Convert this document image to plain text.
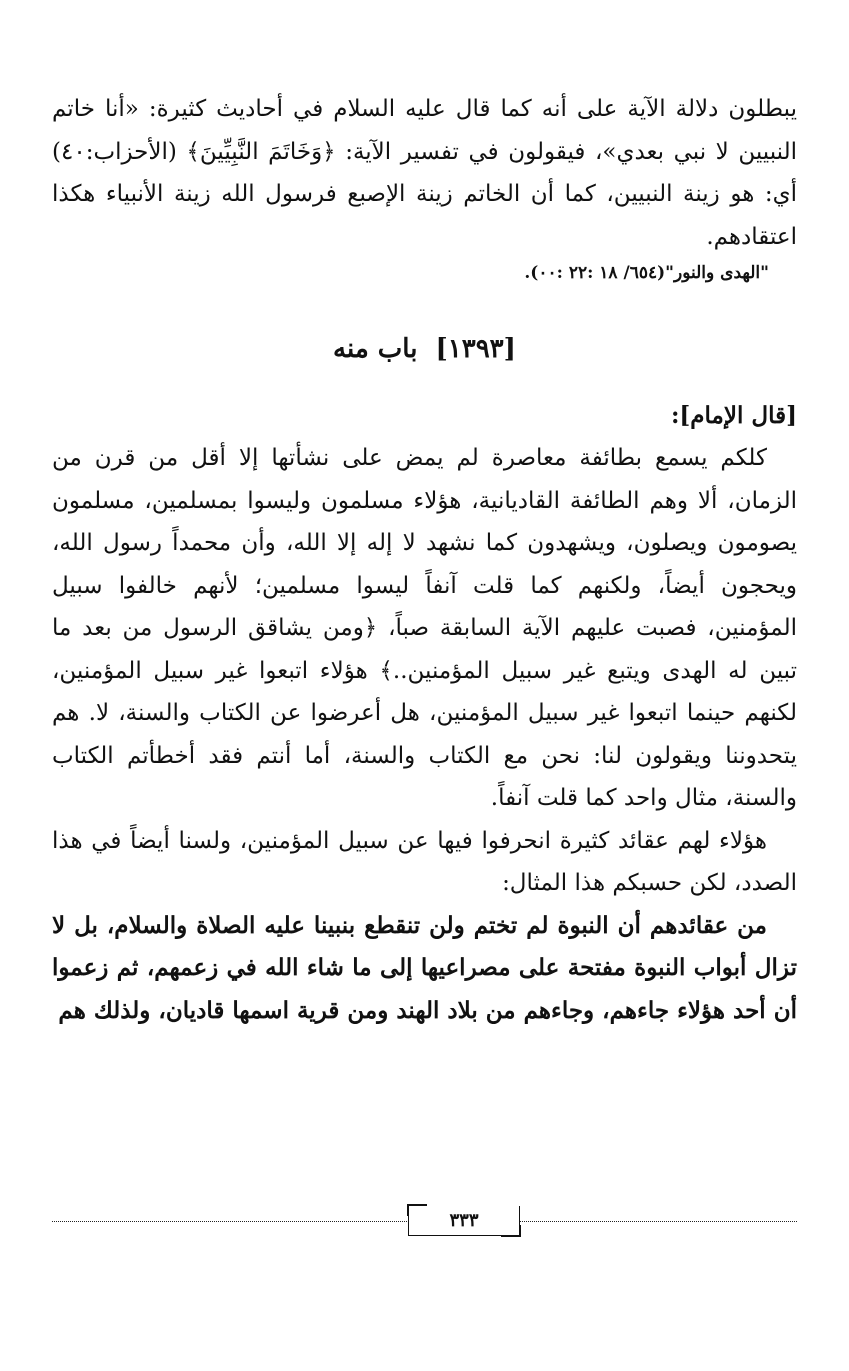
يبطلون دلالة الآية على أنه كما قال عليه السلام في أحاديث كثيرة: «أنا خاتم النبيين لا نبي بعدي»، فيقولون في تفسير الآية: ﴿وَخَاتَمَ النَّبِيِّينَ﴾ (الأحزاب:٤٠) أي: هو زينة النبيين، كما أن الخاتم زينة الإصبع فرسول الله زينة الأنبياء هكذا اعتقادهم.

"الهدى والنور"(٦٥٤/ ١٨ :٢٢ :٠٠).

[١٣٩٣]باب منه

[قال الإمام]:

كلكم يسمع بطائفة معاصرة لم يمض على نشأتها إلا أقل من قرن من الزمان، ألا وهم الطائفة القاديانية، هؤلاء مسلمون وليسوا بمسلمين، مسلمون يصومون ويصلون، ويشهدون كما نشهد لا إله إلا الله، وأن محمداً رسول الله، ويحجون أيضاً، ولكنهم كما قلت آنفاً ليسوا مسلمين؛ لأنهم خالفوا سبيل المؤمنين، فصبت عليهم الآية السابقة صباً، ﴿ومن يشاقق الرسول من بعد ما تبين له الهدى ويتبع غير سبيل المؤمنين..﴾ هؤلاء اتبعوا غير سبيل المؤمنين، لكنهم حينما اتبعوا غير سبيل المؤمنين، هل أعرضوا عن الكتاب والسنة، لا. هم يتحدوننا ويقولون لنا: نحن مع الكتاب والسنة، أما أنتم فقد أخطأتم الكتاب والسنة، مثال واحد كما قلت آنفاً.

هؤلاء لهم عقائد كثيرة انحرفوا فيها عن سبيل المؤمنين، ولسنا أيضاً في هذا الصدد، لكن حسبكم هذا المثال:

من عقائدهم أن النبوة لم تختم ولن تنقطع بنبينا عليه الصلاة والسلام، بل لا تزال أبواب النبوة مفتحة على مصراعيها إلى ما شاء الله في زعمهم، ثم زعموا أن أحد هؤلاء جاءهم، وجاءهم من بلاد الهند ومن قرية اسمها قاديان، ولذلك هم

٣٣٣
